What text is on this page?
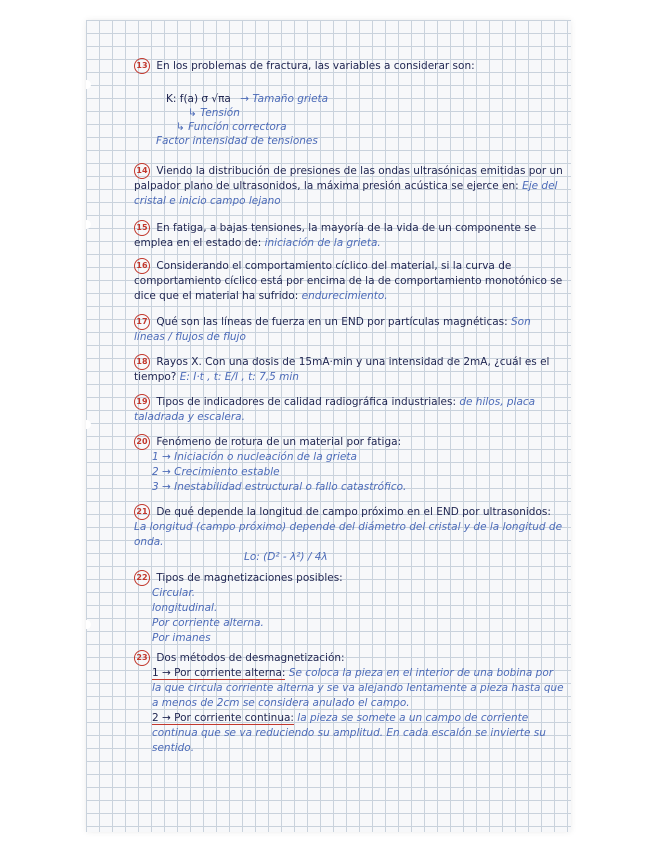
13 En los problemas de fractura, las variables a considerar son:
K: f(a) σ √πa → Tamaño grieta
↳ Tensión
↳ Función correctora
Factor intensidad de tensiones
14 Viendo la distribución de presiones de las ondas ultrasónicas emitidas por un palpador plano de ultrasonidos, la máxima presión acústica se ejerce en: Eje del cristal e inicio campo lejano
15 En fatiga, a bajas tensiones, la mayoría de la vida de un componente se emplea en el estado de: iniciación de la grieta.
16 Considerando el comportamiento cíclico del material, si la curva de comportamiento cíclico está por encima de la de comportamiento monotónico se dice que el material ha sufrido: endurecimiento.
17 Qué son las líneas de fuerza en un END por partículas magnéticas: Son líneas / flujos de flujo
18 Rayos X. Con una dosis de 15mA·min y una intensidad de 2mA, ¿cuál es el tiempo? E: I·t , t: E/I , t: 7,5 min
19 Tipos de indicadores de calidad radiográfica industriales: de hilos, placa taladrada y escalera.
20 Fenómeno de rotura de un material por fatiga:
1 → Iniciación o nucleación de la grieta
2 → Crecimiento estable
3 → Inestabilidad estructural o fallo catastrófico.
21 De qué depende la longitud de campo próximo en el END por ultrasonidos:
La longitud (campo próximo) depende del diámetro del cristal y de la longitud de onda.
Lo: (D² - λ²) / 4λ
22 Tipos de magnetizaciones posibles:
Circular.
longitudinal.
Por corriente alterna.
Por imanes
23 Dos métodos de desmagnetización:
1 → Por corriente alterna: Se coloca la pieza en el interior de una bobina por la que circula corriente alterna y se va alejando lentamente a pieza hasta que a menos de 2cm se considera anulado el campo.
2 → Por corriente continua: la pieza se somete a un campo de corriente continua que se va reduciendo su amplitud. En cada escalón se invierte su sentido.
